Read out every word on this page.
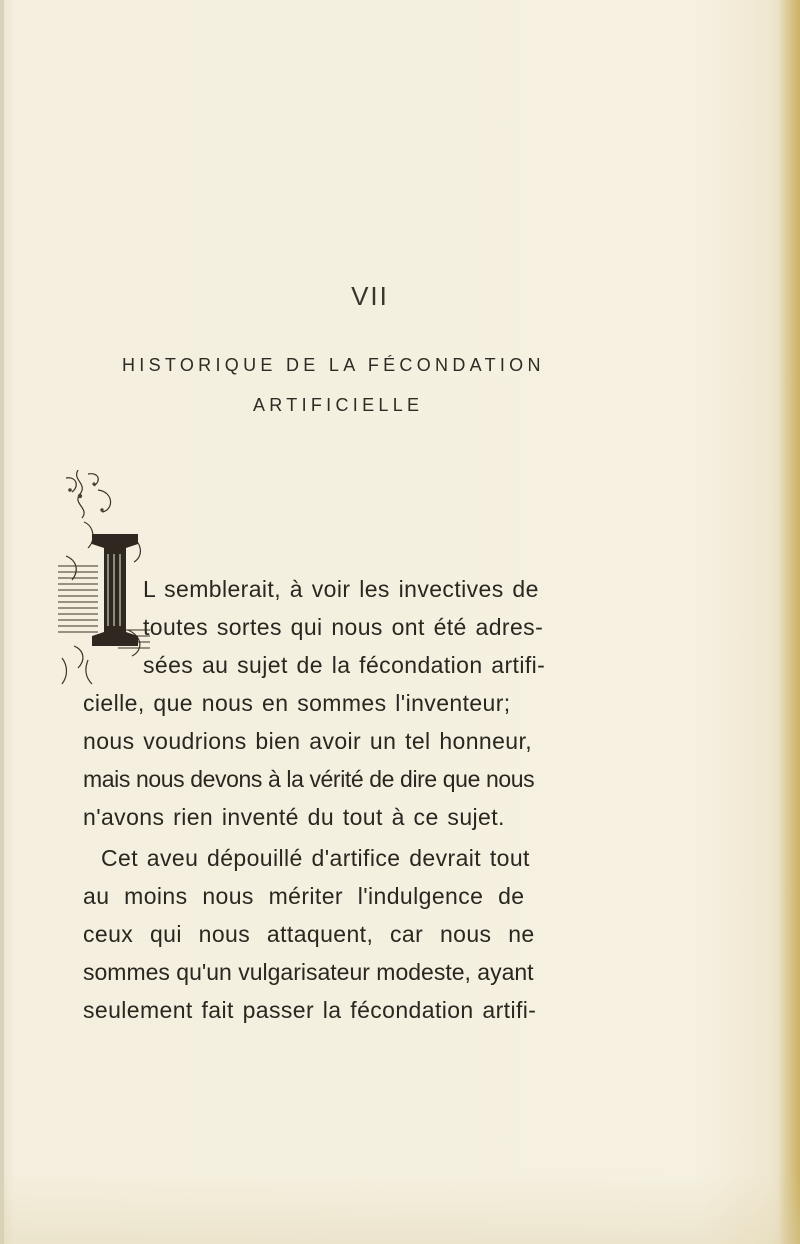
VII
HISTORIQUE DE LA FÉCONDATION
ARTIFICIELLE
L semblerait, à voir les invectives de
toutes sortes qui nous ont été adres-
sées au sujet de la fécondation artifi-
cielle, que nous en sommes l'inventeur;
nous voudrions bien avoir un tel honneur,
mais nous devons à la vérité de dire que nous
n'avons rien inventé du tout à ce sujet.
Cet aveu dépouillé d'artifice devrait tout
au moins nous mériter l'indulgence de
ceux qui nous attaquent, car nous ne
sommes qu'un vulgarisateur modeste, ayant
seulement fait passer la fécondation artifi-
